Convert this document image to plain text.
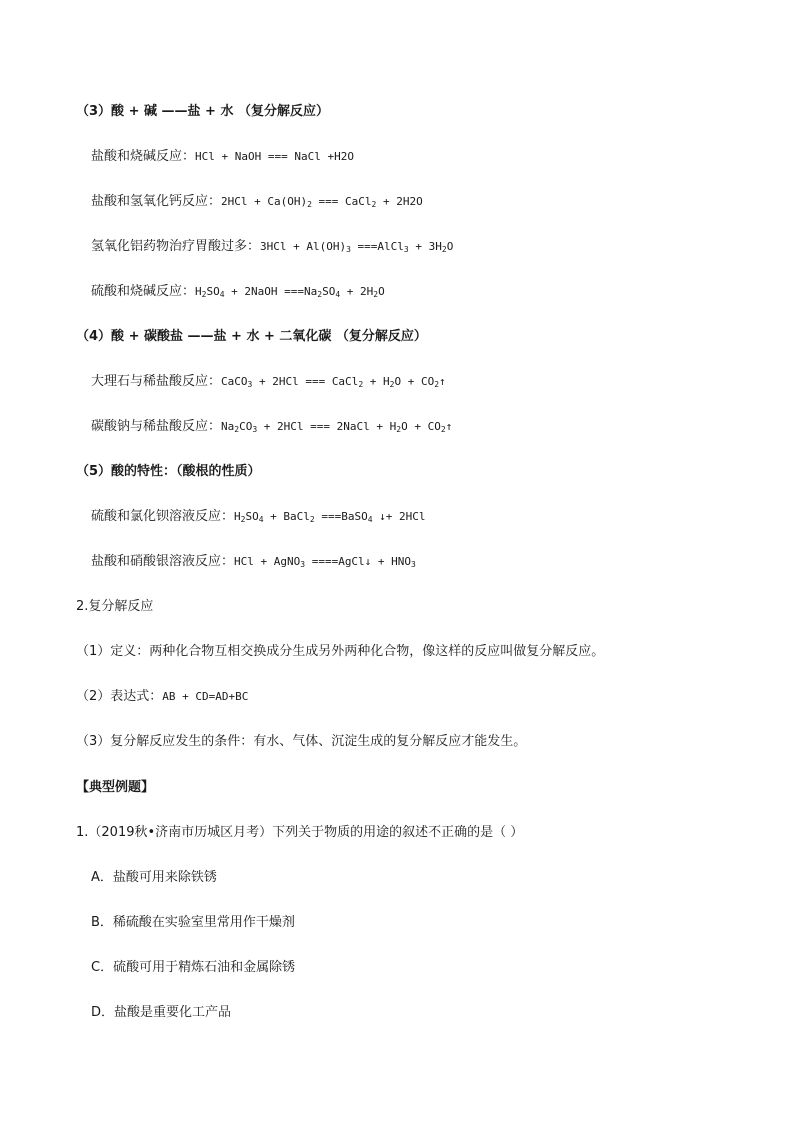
（3）酸 + 碱 ——盐 + 水 （复分解反应）
盐酸和烧碱反应：HCl + NaOH === NaCl +H2O
盐酸和氢氧化钙反应：$2HCl + Ca(OH)_2$ === CaCl$_2$ + 2H2O
氢氧化铝药物治疗胃酸过多：$3HCl + Al(OH)_3$ ===AlCl$_3$ + $3H_2O$
硫酸和烧碱反应：$H_2SO_4$ + 2NaOH $===Na_2SO_4 + 2H_2O$
（4）酸 + 碳酸盐 ——盐 + 水 + 二氧化碳 （复分解反应）
大理石与稀盐酸反应：CaCO$_3$ + 2HCl === CaCl$_2$ + $H_2O$ + $CO_2↑$
碳酸钠与稀盐酸反应：$Na_2CO_3 + 2HCl$ === 2NaCl + $H_2O$ + $CO_2↑$
（5）酸的特性：（酸根的性质）
硫酸和氯化钡溶液反应：$H_2SO_4$ + BaCl$_2$ ===BaSO$_4$ ↓+ 2HCl
盐酸和硝酸银溶液反应：HCl + AgNO$_3$ ====AgCl↓ + $HNO_3$
2.复分解反应
（1）定义：两种化合物互相交换成分生成另外两种化合物，像这样的反应叫做复分解反应。
（2）表达式：AB + CD=AD+BC
（3）复分解反应发生的条件：有水、气体、沉淀生成的复分解反应才能发生。
【典型例题】
1.（2019秋•济南市历城区月考）下列关于物质的用途的叙述不正确的是（ ）
A．盐酸可用来除铁锈
B．稀硫酸在实验室里常用作干燥剂
C．硫酸可用于精炼石油和金属除锈
D．盐酸是重要化工产品
